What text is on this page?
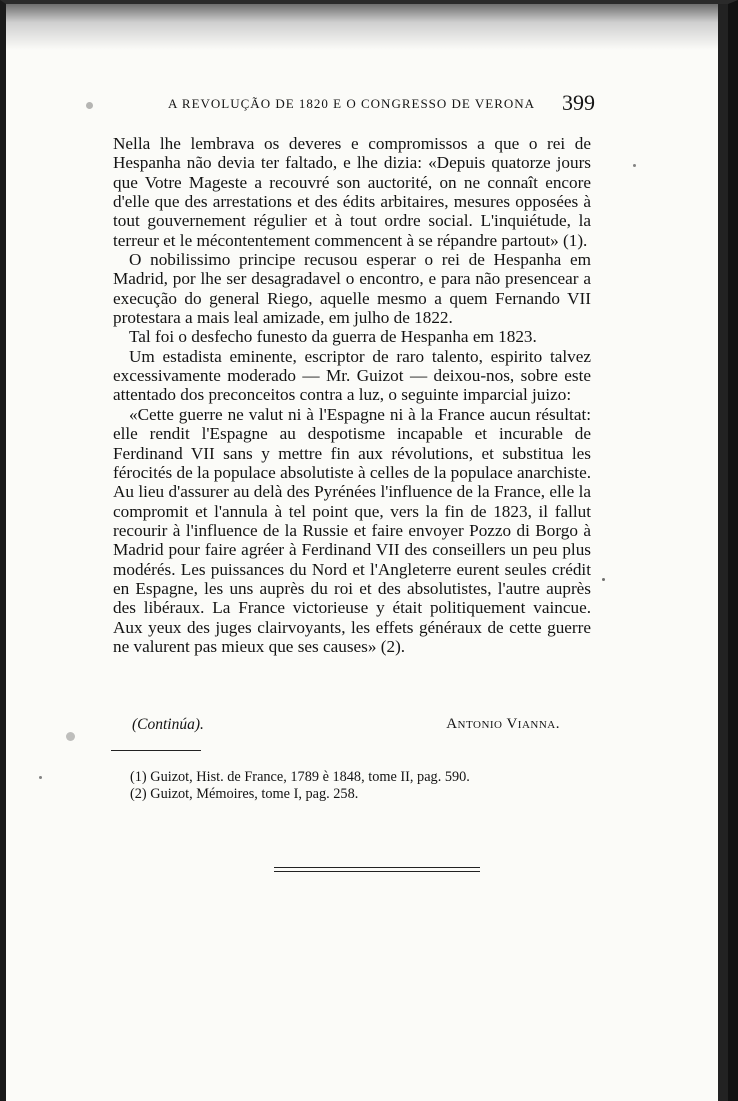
A REVOLUÇÃO DE 1820 E O CONGRESSO DE VERONA	399

Nella lhe lembrava os deveres e compromissos a que o rei de Hespanha não devia ter faltado, e lhe dizia: «Depuis quatorze jours que Votre Mageste a recouvré son auctorité, on ne connaît encore d'elle que des arrestations et des édits arbitaires, mesures opposées à tout gouvernement régulier et à tout ordre social. L'inquiétude, la terreur et le mécontentement commencent à se répandre partout» (1).

O nobilissimo principe recusou esperar o rei de Hespanha em Madrid, por lhe ser desagradavel o encontro, e para não presencear a execução do general Riego, aquelle mesmo a quem Fernando VII protestara a mais leal amizade, em julho de 1822.

Tal foi o desfecho funesto da guerra de Hespanha em 1823.

Um estadista eminente, escriptor de raro talento, espirito talvez excessivamente moderado — Mr. Guizot — deixou-nos, sobre este attentado dos preconceitos contra a luz, o seguinte imparcial juizo:

«Cette guerre ne valut ni à l'Espagne ni à la France aucun résultat: elle rendit l'Espagne au despotisme incapable et incurable de Ferdinand VII sans y mettre fin aux révolutions, et substitua les férocités de la populace absolutiste à celles de la populace anarchiste. Au lieu d'assurer au delà des Pyrénées l'influence de la France, elle la compromit et l'annula à tel point que, vers la fin de 1823, il fallut recourir à l'influence de la Russie et faire envoyer Pozzo di Borgo à Madrid pour faire agréer à Ferdinand VII des conseillers un peu plus modérés. Les puissances du Nord et l'Angleterre eurent seules crédit en Espagne, les uns auprès du roi et des absolutistes, l'autre auprès des libéraux. La France victorieuse y était politiquement vaincue. Aux yeux des juges clairvoyants, les effets généraux de cette guerre ne valurent pas mieux que ses causes» (2).

(Continúa).	Antonio Vianna.
(1) Guizot, Hist. de France, 1789 è 1848, tome II, pag. 590.
(2) Guizot, Mémoires, tome I, pag. 258.
